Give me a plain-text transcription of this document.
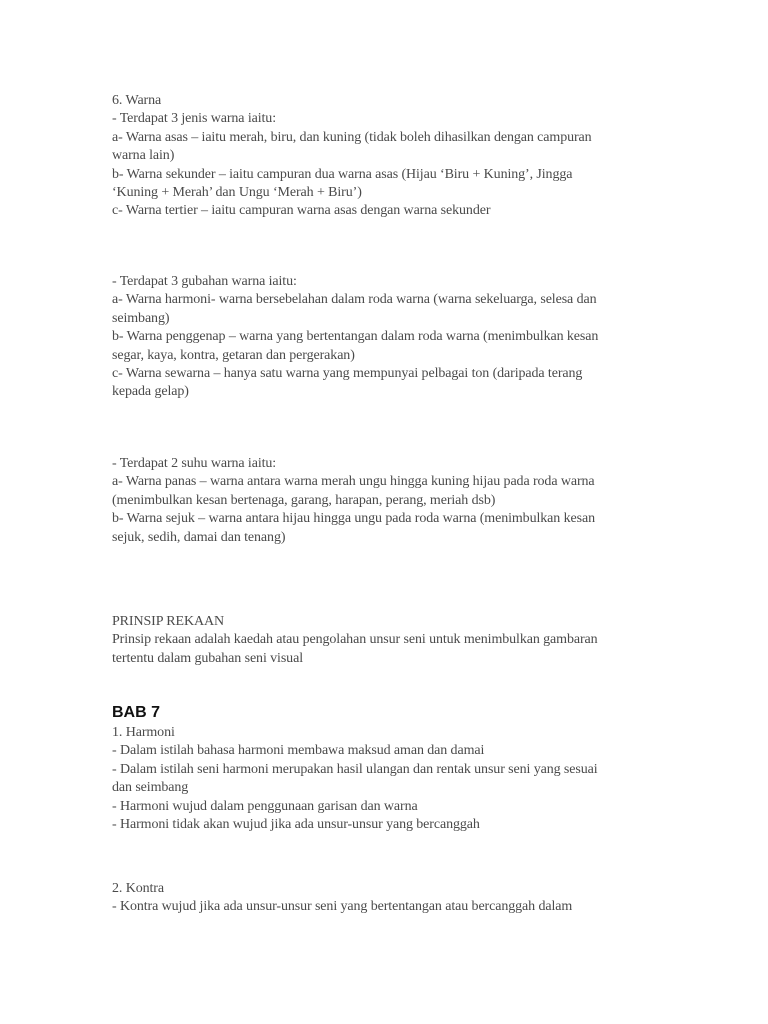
6. Warna
- Terdapat 3 jenis warna iaitu:
a- Warna asas – iaitu merah, biru, dan kuning (tidak boleh dihasilkan dengan campuran
warna lain)
b- Warna sekunder – iaitu campuran dua warna asas (Hijau ‘Biru + Kuning’, Jingga
‘Kuning + Merah’ dan Ungu ‘Merah + Biru’)
c- Warna tertier – iaitu campuran warna asas dengan warna sekunder
- Terdapat 3 gubahan warna iaitu:
a- Warna harmoni- warna bersebelahan dalam roda warna (warna sekeluarga, selesa dan
seimbang)
b- Warna penggenap – warna yang bertentangan dalam roda warna (menimbulkan kesan
segar, kaya, kontra, getaran dan pergerakan)
c- Warna sewarna – hanya satu warna yang mempunyai pelbagai ton (daripada terang
kepada gelap)
- Terdapat 2 suhu warna iaitu:
a- Warna panas – warna antara warna merah ungu hingga kuning hijau pada roda warna
(menimbulkan kesan bertenaga, garang, harapan, perang, meriah dsb)
b- Warna sejuk – warna antara hijau hingga ungu pada roda warna (menimbulkan kesan
sejuk, sedih, damai dan tenang)
PRINSIP REKAAN
Prinsip rekaan adalah kaedah atau pengolahan unsur seni untuk menimbulkan gambaran
tertentu dalam gubahan seni visual
BAB 7
1. Harmoni
- Dalam istilah bahasa harmoni membawa maksud aman dan damai
- Dalam istilah seni harmoni merupakan hasil ulangan dan rentak unsur seni yang sesuai
dan seimbang
- Harmoni wujud dalam penggunaan garisan dan warna
- Harmoni tidak akan wujud jika ada unsur-unsur yang bercanggah
2. Kontra
- Kontra wujud jika ada unsur-unsur seni yang bertentangan atau bercanggah dalam
